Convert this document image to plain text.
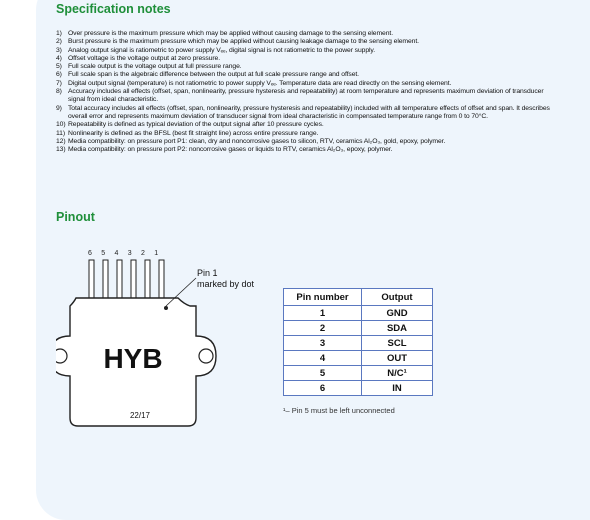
Specification notes
1) Over pressure is the maximum pressure which may be applied without causing damage to the sensing element.
2) Burst pressure is the maximum pressure which may be applied without causing leakage damage to the sensing element.
3) Analog output signal is ratiometric to power supply Vₑₑ, digital signal is not ratiometric to the power supply.
4) Offset voltage is the voltage output at zero pressure.
5) Full scale output is the voltage output at full pressure range.
6) Full scale span is the algebraic difference between the output at full scale pressure range and offset.
7) Digital output signal (temperature) is not ratiometric to power supply Vₑₑ. Temperature data are read directly on the sensing element.
8) Accuracy includes all effects (offset, span, nonlinearity, pressure hysteresis and repeatability) at room temperature and represents maximum deviation of transducer signal from ideal characteristic.
9) Total accuracy includes all effects (offset, span, nonlinearity, pressure hysteresis and repeatability) included with all temperature effects of offset and span. It describes overall error and represents maximum deviation of transducer signal from ideal characteristic in compensated temperature range from 0 to 70°C.
10) Repeatability is defined as typical deviation of the output signal after 10 pressure cycles.
11) Nonlinearity is defined as the BFSL (best fit straight line) across entire pressure range.
12) Media compatibility: on pressure port P1: clean, dry and noncorrosive gases to silicon, RTV, ceramics Al₂O₃, gold, epoxy, polymer.
13) Media compatibility: on pressure port P2: noncorrosive gases or liquids to RTV, ceramics Al₂O₃, epoxy, polymer.
Pinout
6 5 4 3 2 1
Pin 1
marked by dot
HYB
22/17
Pin number	Output
1	GND
2	SDA
3	SCL
4	OUT
5	N/C¹
6	IN
¹– Pin 5 must be left unconnected
